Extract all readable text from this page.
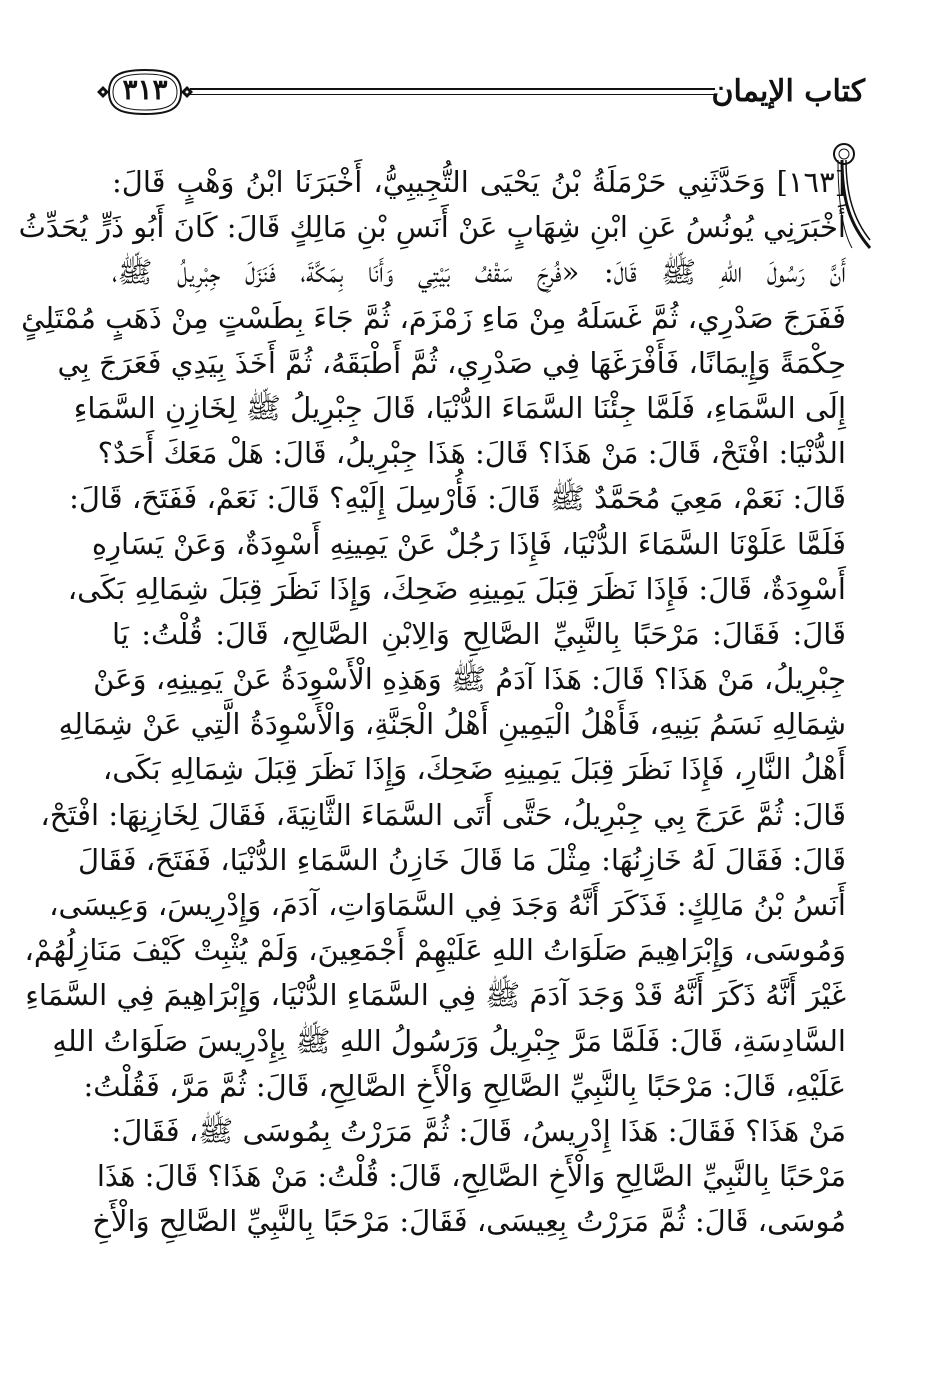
٣١٣	كتاب الإيمان
[١٦٣] وَحَدَّثَنِي حَرْمَلَةُ بْنُ يَحْيَى التُّجِيبِيُّ، أَخْبَرَنَا ابْنُ وَهْبٍ قَالَ:
أَخْبَرَنِي يُونُسُ عَنِ ابْنِ شِهَابٍ عَنْ أَنَسِ بْنِ مَالِكٍ قَالَ: كَانَ أَبُو ذَرٍّ يُحَدِّثُ
أَنَّ رَسُولَ اللهِ ﷺ قَالَ: «فُرِجَ سَقْفُ بَيْتِي وَأَنَا بِمَكَّةَ، فَنَزَلَ جِبْرِيلُ ﷺ،
فَفَرَجَ صَدْرِي، ثُمَّ غَسَلَهُ مِنْ مَاءِ زَمْزَمَ، ثُمَّ جَاءَ بِطَسْتٍ مِنْ ذَهَبٍ مُمْتَلِئٍ
حِكْمَةً وَإِيمَانًا، فَأَفْرَغَهَا فِي صَدْرِي، ثُمَّ أَطْبَقَهُ، ثُمَّ أَخَذَ بِيَدِي فَعَرَجَ بِي
إِلَى السَّمَاءِ، فَلَمَّا جِئْنَا السَّمَاءَ الدُّنْيَا، قَالَ جِبْرِيلُ ﷺ لِخَازِنِ السَّمَاءِ
الدُّنْيَا: افْتَحْ، قَالَ: مَنْ هَذَا؟ قَالَ: هَذَا جِبْرِيلُ، قَالَ: هَلْ مَعَكَ أَحَدٌ؟
قَالَ: نَعَمْ، مَعِيَ مُحَمَّدٌ ﷺ قَالَ: فَأُرْسِلَ إِلَيْهِ؟ قَالَ: نَعَمْ، فَفَتَحَ، قَالَ:
فَلَمَّا عَلَوْنَا السَّمَاءَ الدُّنْيَا، فَإِذَا رَجُلٌ عَنْ يَمِينِهِ أَسْوِدَةٌ، وَعَنْ يَسَارِهِ
أَسْوِدَةٌ، قَالَ: فَإِذَا نَظَرَ قِبَلَ يَمِينِهِ ضَحِكَ، وَإِذَا نَظَرَ قِبَلَ شِمَالِهِ بَكَى،
قَالَ: فَقَالَ: مَرْحَبًا بِالنَّبِيِّ الصَّالِحِ وَالِابْنِ الصَّالِحِ، قَالَ: قُلْتُ: يَا
جِبْرِيلُ، مَنْ هَذَا؟ قَالَ: هَذَا آدَمُ ﷺ وَهَذِهِ الْأَسْوِدَةُ عَنْ يَمِينِهِ، وَعَنْ
شِمَالِهِ نَسَمُ بَنِيهِ، فَأَهْلُ الْيَمِينِ أَهْلُ الْجَنَّةِ، وَالْأَسْوِدَةُ الَّتِي عَنْ شِمَالِهِ
أَهْلُ النَّارِ، فَإِذَا نَظَرَ قِبَلَ يَمِينِهِ ضَحِكَ، وَإِذَا نَظَرَ قِبَلَ شِمَالِهِ بَكَى،
قَالَ: ثُمَّ عَرَجَ بِي جِبْرِيلُ، حَتَّى أَتَى السَّمَاءَ الثَّانِيَةَ، فَقَالَ لِخَازِنِهَا: افْتَحْ،
قَالَ: فَقَالَ لَهُ خَازِنُهَا: مِثْلَ مَا قَالَ خَازِنُ السَّمَاءِ الدُّنْيَا، فَفَتَحَ، فَقَالَ
أَنَسُ بْنُ مَالِكٍ: فَذَكَرَ أَنَّهُ وَجَدَ فِي السَّمَاوَاتِ، آدَمَ، وَإِدْرِيسَ، وَعِيسَى،
وَمُوسَى، وَإِبْرَاهِيمَ صَلَوَاتُ اللهِ عَلَيْهِمْ أَجْمَعِينَ، وَلَمْ يُثْبِتْ كَيْفَ مَنَازِلُهُمْ،
غَيْرَ أَنَّهُ ذَكَرَ أَنَّهُ قَدْ وَجَدَ آدَمَ ﷺ فِي السَّمَاءِ الدُّنْيَا، وَإِبْرَاهِيمَ فِي السَّمَاءِ
السَّادِسَةِ، قَالَ: فَلَمَّا مَرَّ جِبْرِيلُ وَرَسُولُ اللهِ ﷺ بِإِدْرِيسَ صَلَوَاتُ اللهِ
عَلَيْهِ، قَالَ: مَرْحَبًا بِالنَّبِيِّ الصَّالِحِ وَالْأَخِ الصَّالِحِ، قَالَ: ثُمَّ مَرَّ، فَقُلْتُ:
مَنْ هَذَا؟ فَقَالَ: هَذَا إِدْرِيسُ، قَالَ: ثُمَّ مَرَرْتُ بِمُوسَى ﷺ، فَقَالَ:
مَرْحَبًا بِالنَّبِيِّ الصَّالِحِ وَالْأَخِ الصَّالِحِ، قَالَ: قُلْتُ: مَنْ هَذَا؟ قَالَ: هَذَا
مُوسَى، قَالَ: ثُمَّ مَرَرْتُ بِعِيسَى، فَقَالَ: مَرْحَبًا بِالنَّبِيِّ الصَّالِحِ وَالْأَخِ
